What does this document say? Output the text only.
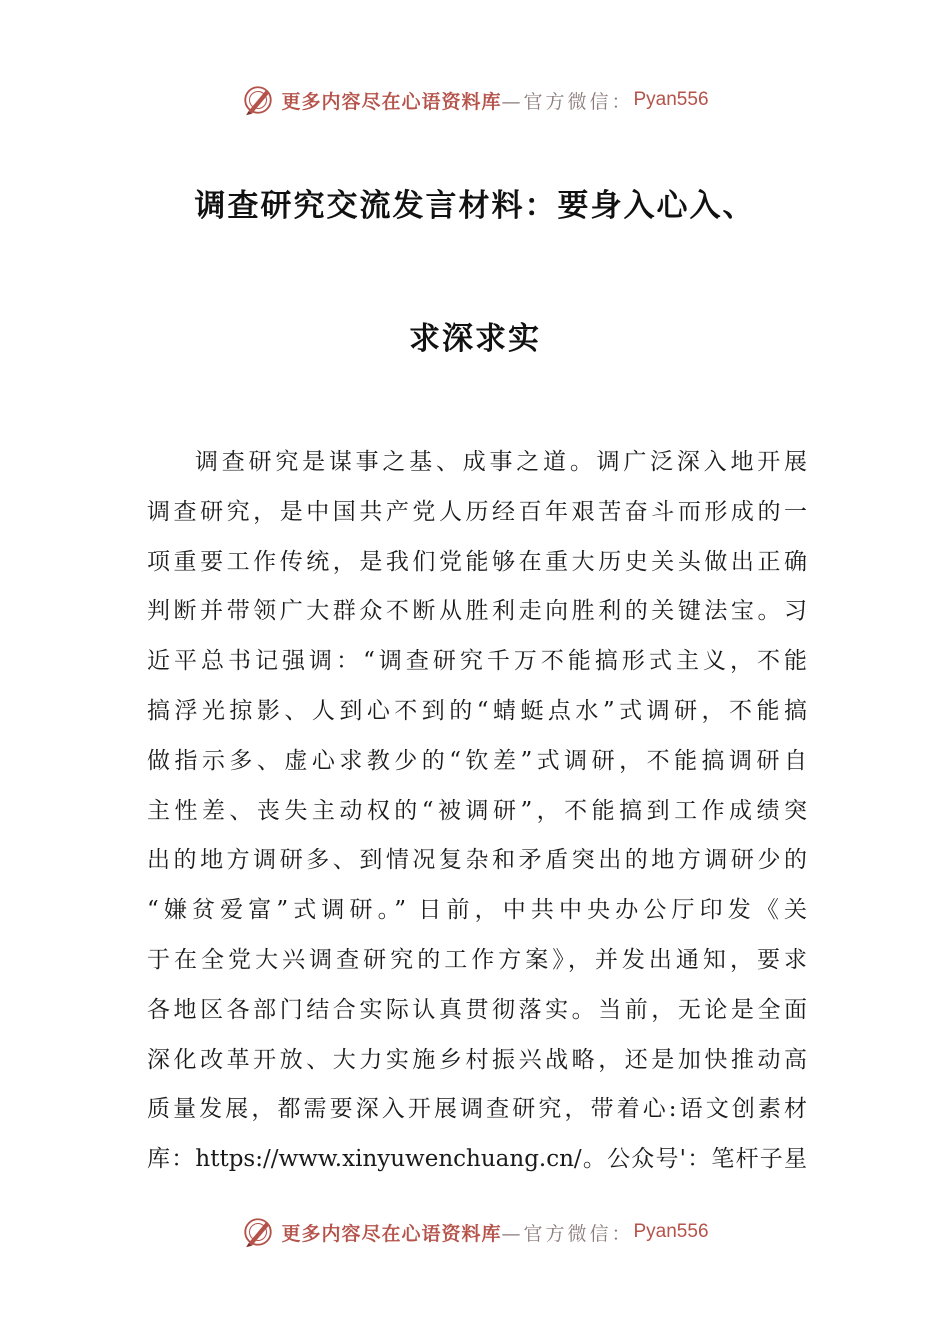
更多内容尽在心语资料库 —官方微信： Pyan556
调查研究交流发言材料：要身入心入、
求深求实
调查研究是谋事之基、成事之道。调广泛深入地开展
调查研究，是中国共产党人历经百年艰苦奋斗而形成的一
项重要工作传统，是我们党能够在重大历史关头做出正确
判断并带领广大群众不断从胜利走向胜利的关键法宝。习
近平总书记强调：“调查研究千万不能搞形式主义，不能
搞浮光掠影、人到心不到的“蜻蜓点水”式调研，不能搞
做指示多、虚心求教少的“钦差”式调研，不能搞调研自
主性差、丧失主动权的“被调研”，不能搞到工作成绩突
出的地方调研多、到情况复杂和矛盾突出的地方调研少的
“嫌贫爱富”式调研。” 日前，中共中央办公厅印发《关
于在全党大兴调查研究的工作方案》，并发出通知，要求
各地区各部门结合实际认真贯彻落实。当前，无论是全面
深化改革开放、大力实施乡村振兴战略，还是加快推动高
质量发展，都需要深入开展调查研究，带着心:语文创素材
库：https://www.xinyuwenchuang.cn/。公众号'：笔杆子星
更多内容尽在心语资料库 —官方微信： Pyan556
